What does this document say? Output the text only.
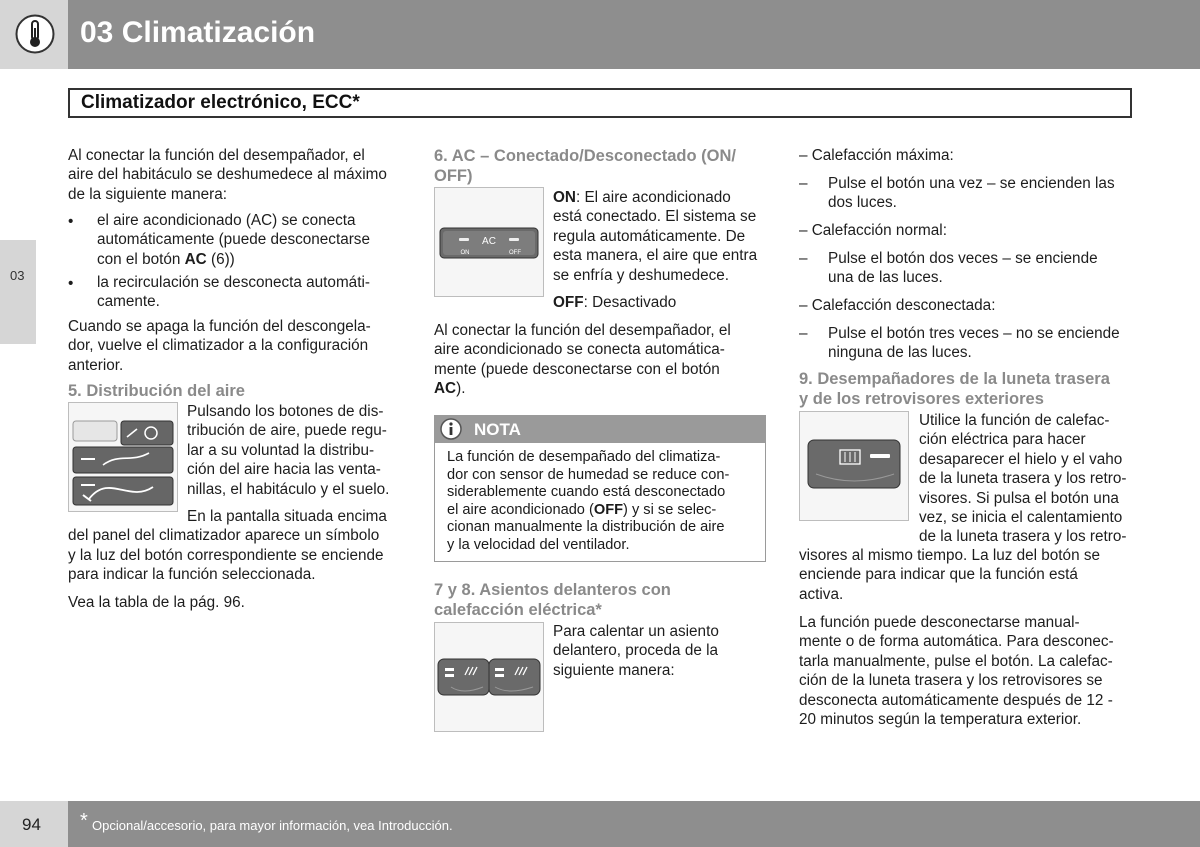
03 Climatización
03
Climatizador electrónico, ECC*
Al conectar la función del desempañador, el
aire del habitáculo se deshumedece al máximo
de la siguiente manera:
• el aire acondicionado (AC) se conecta
automáticamente (puede desconectarse
con el botón AC (6))
• la recirculación se desconecta automáti-
camente.
Cuando se apaga la función del descongela-
dor, vuelve el climatizador a la configuración
anterior.
5. Distribución del aire
Pulsando los botones de dis-
tribución de aire, puede regu-
lar a su voluntad la distribu-
ción del aire hacia las venta-
nillas, el habitáculo y el suelo.
En la pantalla situada encima
del panel del climatizador aparece un símbolo
y la luz del botón correspondiente se enciende
para indicar la función seleccionada.
Vea la tabla de la pág. 96.
6. AC – Conectado/Desconectado (ON/
OFF)
AC
ON	OFF
ON: El aire acondicionado
está conectado. El sistema se
regula automáticamente. De
esta manera, el aire que entra
se enfría y deshumedece.
OFF: Desactivado
Al conectar la función del desempañador, el
aire acondicionado se conecta automática-
mente (puede desconectarse con el botón
AC).
NOTA
La función de desempañado del climatiza-
dor con sensor de humedad se reduce con-
siderablemente cuando está desconectado
el aire acondicionado (OFF) y si se selec-
cionan manualmente la distribución de aire
y la velocidad del ventilador.
7 y 8. Asientos delanteros con
calefacción eléctrica*
Para calentar un asiento
delantero, proceda de la
siguiente manera:
– Calefacción máxima:
– Pulse el botón una vez – se encienden las
dos luces.
– Calefacción normal:
– Pulse el botón dos veces – se enciende
una de las luces.
– Calefacción desconectada:
– Pulse el botón tres veces – no se enciende
ninguna de las luces.
9. Desempañadores de la luneta trasera
y de los retrovisores exteriores
Utilice la función de calefac-
ción eléctrica para hacer
desaparecer el hielo y el vaho
de la luneta trasera y los retro-
visores. Si pulsa el botón una
vez, se inicia el calentamiento
de la luneta trasera y los retro-
visores al mismo tiempo. La luz del botón se
enciende para indicar que la función está
activa.
La función puede desconectarse manual-
mente o de forma automática. Para desconec-
tarla manualmente, pulse el botón. La calefac-
ción de la luneta trasera y los retrovisores se
desconecta automáticamente después de 12 -
20 minutos según la temperatura exterior.
94 * Opcional/accesorio, para mayor información, vea Introducción.
